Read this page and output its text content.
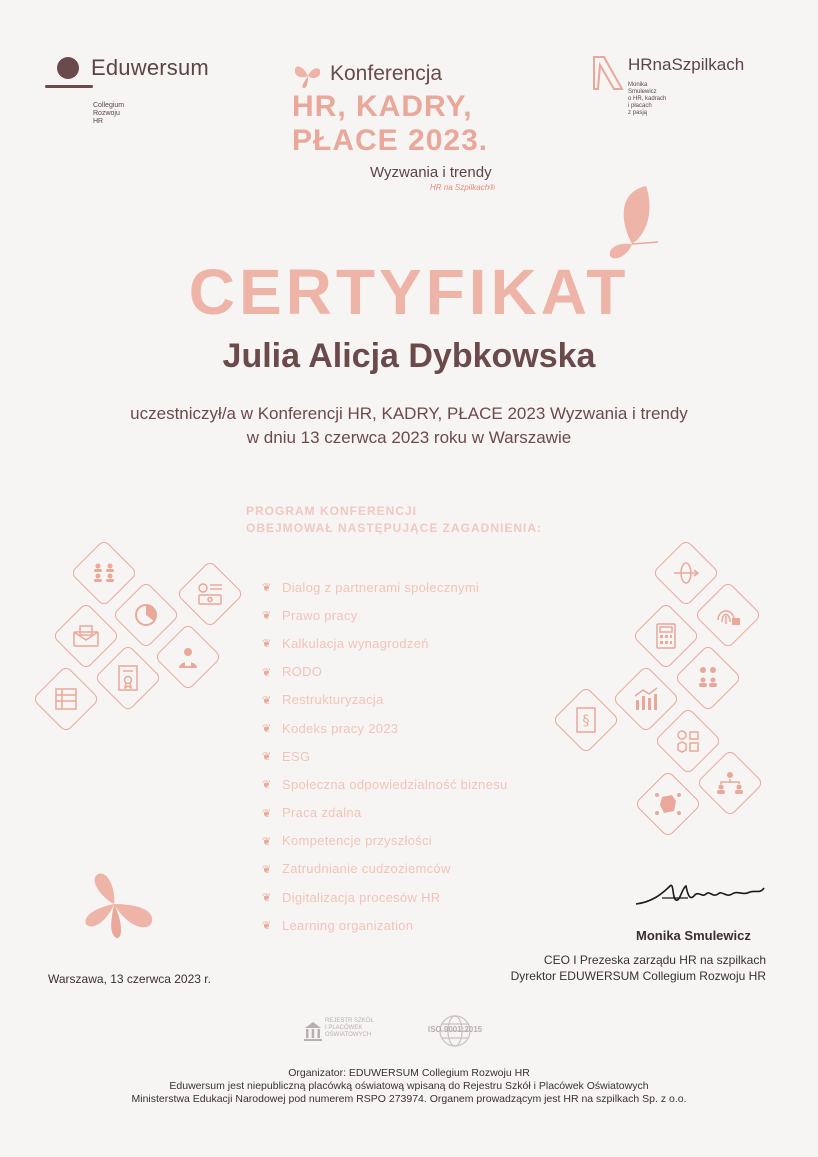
Eduwersum
Collegium
Rozwoju
HR
Konferencja
HR, KADRY,
PŁACE 2023.
Wyzwania i trendy
HR na Szpilkach®
HRnaSzpilkach
Monika
Smulewicz
o HR, kadrach
i płacach
z pasją
CERTYFIKAT
Julia Alicja Dybkowska
uczestniczył/a w Konferencji HR, KADRY, PŁACE 2023 Wyzwania i trendy
w dniu 13 czerwca 2023 roku w Warszawie
PROGRAM KONFERENCJI
OBEJMOWAŁ NASTĘPUJĄCE ZAGADNIENIA:
❦ Dialog z partnerami społecznymi
❦ Prawo pracy
❦ Kalkulacja wynagrodzeń
❦ RODO
❦ Restrukturyzacja
❦ Kodeks pracy 2023
❦ ESG
❦ Społeczna odpowiedzialność biznesu
❦ Praca zdalna
❦ Kompetencje przyszłości
❦ Zatrudnianie cudzoziemców
❦ Digitalizacja procesów HR
❦ Learning organization
§
Monika Smulewicz
CEO I Prezeska zarządu HR na szpilkach
Dyrektor EDUWERSUM Collegium Rozwoju HR
Warszawa, 13 czerwca 2023 r.
REJESTR SZKÓŁ
I PLACÓWEK
OŚWIATOWYCH
ISO 9001:2015
Organizator: EDUWERSUM Collegium Rozwoju HR
Eduwersum jest niepubliczną placówką oświatową wpisaną do Rejestru Szkół i Placówek Oświatowych
Ministerstwa Edukacji Narodowej pod numerem RSPO 273974. Organem prowadzącym jest HR na szpilkach Sp. z o.o.
